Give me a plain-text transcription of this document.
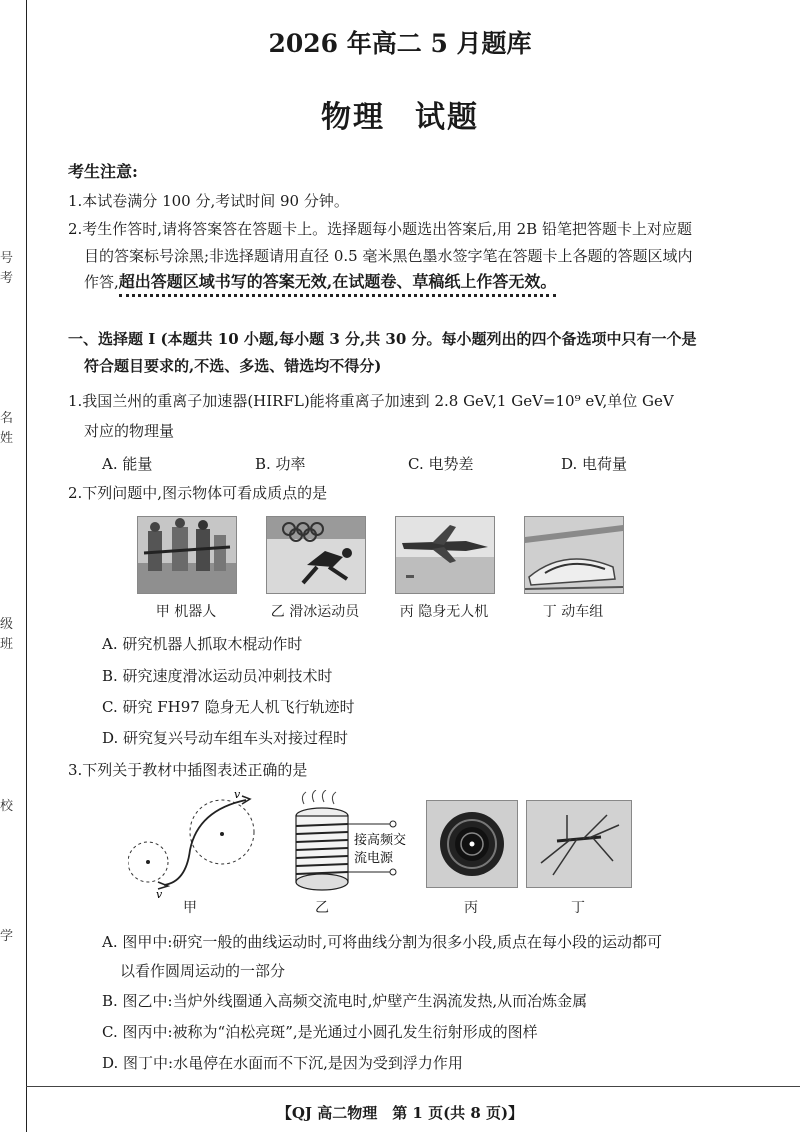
号
考
名
姓
级
班
校
学
2026 年高二 5 月题库
物理 试题
考生注意:
1.本试卷满分 100 分,考试时间 90 分钟。
2.考生作答时,请将答案答在答题卡上。选择题每小题选出答案后,用 2B 铅笔把答题卡上对应题
目的答案标号涂黑;非选择题请用直径 0.5 毫米黑色墨水签字笔在答题卡上各题的答题区域内
作答,超出答题区域书写的答案无效,在试题卷、草稿纸上作答无效。
一、选择题 I (本题共 10 小题,每小题 3 分,共 30 分。每小题列出的四个备选项中只有一个是
符合题目要求的,不选、多选、错选均不得分)
1.我国兰州的重离子加速器(HIRFL)能将重离子加速到 2.8 GeV,1 GeV=10⁹ eV,单位 GeV
对应的物理量
A. 能量	B. 功率	C. 电势差	D. 电荷量
2.下列问题中,图示物体可看成质点的是
甲 机器人	乙 滑冰运动员	丙 隐身无人机	丁 动车组
A. 研究机器人抓取木棍动作时
B. 研究速度滑冰运动员冲刺技术时
C. 研究 FH97 隐身无人机飞行轨迹时
D. 研究复兴号动车组车头对接过程时
3.下列关于教材中插图表述正确的是
v
v
接高频交
流电源
甲	乙	丙	丁
A. 图甲中:研究一般的曲线运动时,可将曲线分割为很多小段,质点在每小段的运动都可
以看作圆周运动的一部分
B. 图乙中:当炉外线圈通入高频交流电时,炉壁产生涡流发热,从而冶炼金属
C. 图丙中:被称为“泊松亮斑”,是光通过小圆孔发生衍射形成的图样
D. 图丁中:水黾停在水面而不下沉,是因为受到浮力作用
【QJ 高二物理　第 1 页(共 8 页)】
